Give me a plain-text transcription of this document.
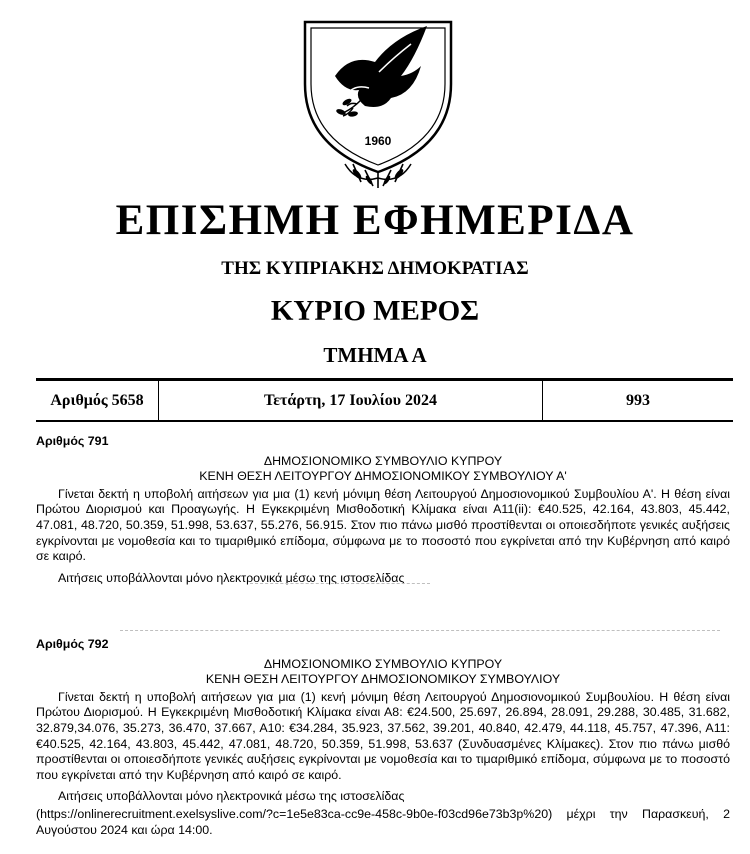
1960
ΕΠΙΣΗΜΗ ΕΦΗΜΕΡΙΔΑ
ΤΗΣ ΚΥΠΡΙΑΚΗΣ ΔΗΜΟΚΡΑΤΙΑΣ
ΚΥΡΙΟ ΜΕΡΟΣ
ΤΜΗΜΑ Α
Αριθμός 5658	Τετάρτη, 17 Ιουλίου 2024	993
Αριθμός 791

ΔΗΜΟΣΙΟΝΟΜΙΚΟ ΣΥΜΒΟΥΛΙΟ ΚΥΠΡΟΥ

ΚΕΝΗ ΘΕΣΗ ΛΕΙΤΟΥΡΓΟΥ ΔΗΜΟΣΙΟΝΟΜΙΚΟΥ ΣΥΜΒΟΥΛΙΟΥ Α'

Γίνεται δεκτή η υποβολή αιτήσεων για μια (1) κενή μόνιμη θέση Λειτουργού Δημοσιονομικού Συμβουλίου Α'. Η θέση είναι Πρώτου Διορισμού και Προαγωγής. Η Εγκεκριμένη Μισθοδοτική Κλίμακα είναι Α11(ii): €40.525, 42.164, 43.803, 45.442, 47.081, 48.720, 50.359, 51.998, 53.637, 55.276, 56.915. Στον πιο πάνω μισθό προστίθενται οι οποιεσδήποτε γενικές αυξήσεις εγκρίνονται με νομοθεσία και το τιμαριθμικό επίδομα, σύμφωνα με το ποσοστό που εγκρίνεται από την Κυβέρνηση από καιρό σε καιρό.

Αιτήσεις υποβάλλονται μόνο ηλεκτρονικά μέσω της ιστοσελίδας

Αριθμός 792

ΔΗΜΟΣΙΟΝΟΜΙΚΟ ΣΥΜΒΟΥΛΙΟ ΚΥΠΡΟΥ

ΚΕΝΗ ΘΕΣΗ ΛΕΙΤΟΥΡΓΟΥ ΔΗΜΟΣΙΟΝΟΜΙΚΟΥ ΣΥΜΒΟΥΛΙΟΥ

Γίνεται δεκτή η υποβολή αιτήσεων για μια (1) κενή μόνιμη θέση Λειτουργού Δημοσιονομικού Συμβουλίου. Η θέση είναι Πρώτου Διορισμού. Η Εγκεκριμένη Μισθοδοτική Κλίμακα είναι Α8: €24.500, 25.697, 26.894, 28.091, 29.288, 30.485, 31.682, 32.879,34.076, 35.273, 36.470, 37.667, Α10: €34.284, 35.923, 37.562, 39.201, 40.840, 42.479, 44.118, 45.757, 47.396, Α11: €40.525, 42.164, 43.803, 45.442, 47.081, 48.720, 50.359, 51.998, 53.637 (Συνδυασμένες Κλίμακες). Στον πιο πάνω μισθό προστίθενται οι οποιεσδήποτε γενικές αυξήσεις εγκρίνονται με νομοθεσία και το τιμαριθμικό επίδομα, σύμφωνα με το ποσοστό που εγκρίνεται από την Κυβέρνηση από καιρό σε καιρό.

Αιτήσεις υποβάλλονται μόνο ηλεκτρονικά μέσω της ιστοσελίδας

(https://onlinerecruitment.exelsyslive.com/?c=1e5e83ca-cc9e-458c-9b0e-f03cd96e73b3p%20) μέχρι την Παρασκευή, 2 Αυγούστου 2024 και ώρα 14:00.
